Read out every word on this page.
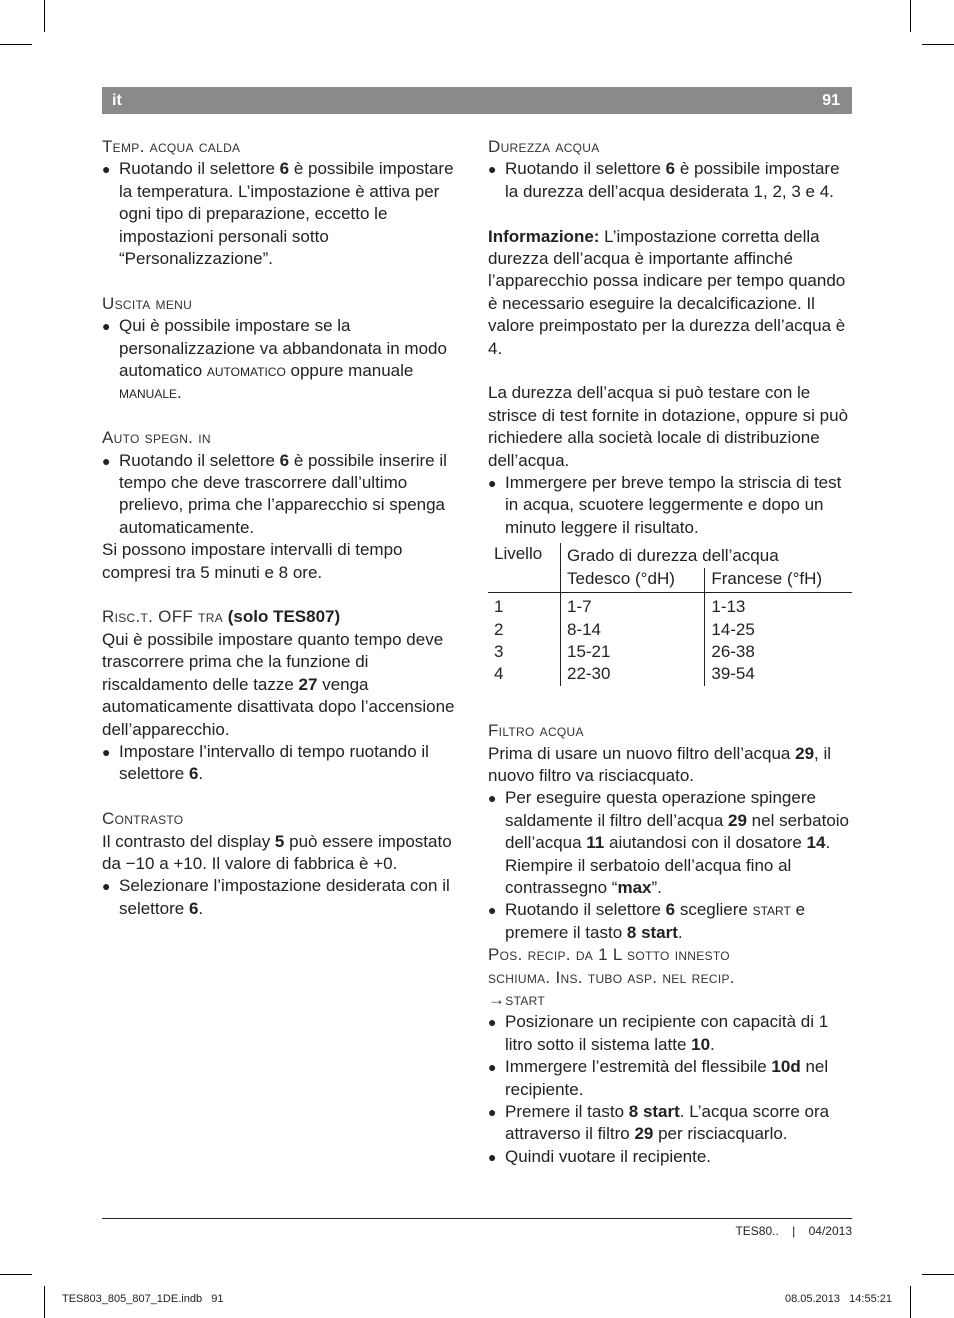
it	91

Temp. acqua calda

● Ruotando il selettore 6 è possibile impostare la temperatura. L’impostazione è attiva per ogni tipo di preparazione, eccetto le impostazioni personali sotto “Personalizzazione”.

Uscita menu

● Qui è possibile impostare se la personalizzazione va abbandonata in modo automatico automatico oppure manuale manuale.

Auto spegn. in

● Ruotando il selettore 6 è possibile inserire il tempo che deve trascorrere dall’ultimo prelievo, prima che l’apparecchio si spenga automaticamente.

Si possono impostare intervalli di tempo compresi tra 5 minuti e 8 ore.

Risc.t. OFF tra (solo TES807)

Qui è possibile impostare quanto tempo deve trascorrere prima che la funzione di riscaldamento delle tazze 27 venga automaticamente disattivata dopo l’accensione dell’apparecchio.

● Impostare l’intervallo di tempo ruotando il selettore 6.

Contrasto

Il contrasto del display 5 può essere impostato da −10 a +10. Il valore di fabbrica è +0.

● Selezionare l’impostazione desiderata con il selettore 6.

Durezza acqua

● Ruotando il selettore 6 è possibile impostare la durezza dell’acqua desiderata 1, 2, 3 e 4.

Informazione: L’impostazione corretta della durezza dell’acqua è importante affinché l’apparecchio possa indicare per tempo quando è necessario eseguire la decalcificazione. Il valore preimpostato per la durezza dell’acqua è 4.

La durezza dell’acqua si può testare con le strisce di test fornite in dotazione, oppure si può richiedere alla società locale di distribuzione dell’acqua.

● Immergere per breve tempo la striscia di test in acqua, scuotere leggermente e dopo un minuto leggere il risultato.

Livello	Grado di durezza dell’acqua	
	Tedesco (°dH)	Francese (°fH)
1	1-7	1-13
2	8-14	14-25
3	15-21	26-38
4	22-30	39-54

Filtro acqua

Prima di usare un nuovo filtro dell’acqua 29, il nuovo filtro va risciacquato.

● Per eseguire questa operazione spingere saldamente il filtro dell’acqua 29 nel serbatoio dell’acqua 11 aiutandosi con il dosatore 14. Riempire il serbatoio dell’acqua fino al contrassegno “max”.

● Ruotando il selettore 6 scegliere start e premere il tasto 8 start.

Pos. recip. da 1 L sotto innesto
schiuma. Ins. tubo asp. nel recip.
→start

● Posizionare un recipiente con capacità di 1 litro sotto il sistema latte 10.

● Immergere l’estremità del flessibile 10d nel recipiente.

● Premere il tasto 8 start. L’acqua scorre ora attraverso il filtro 29 per risciacquarlo.

● Quindi vuotare il recipiente.

TES80.. | 04/2013
TES803_805_807_1DE.indb   91	08.05.2013   14:55:21
